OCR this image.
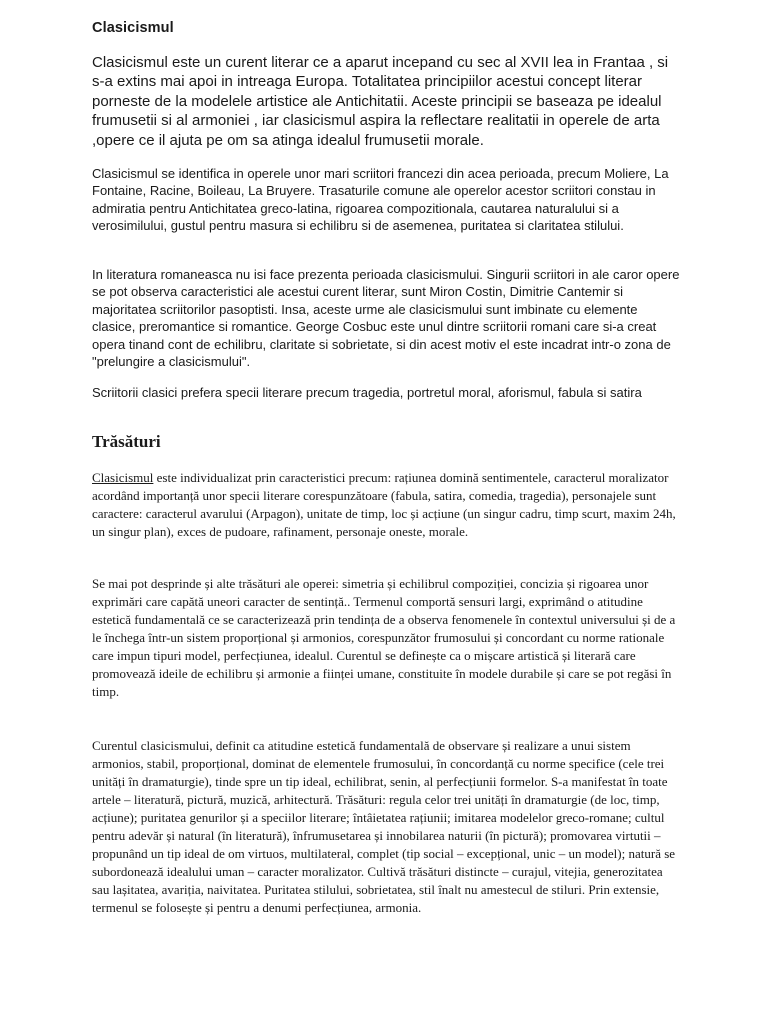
Clasicismul

Clasicismul este un curent literar ce a aparut incepand cu sec al XVII lea in Frantaa , si s-a extins mai apoi in intreaga Europa. Totalitatea principiilor acestui concept literar porneste de la modelele artistice ale Antichitatii. Aceste principii se baseaza pe idealul frumusetii si al armoniei , iar clasicismul aspira la reflectare realitatii in operele de arta ,opere ce il ajuta pe om sa atinga idealul frumusetii morale.

Clasicismul se identifica in operele unor mari scriitori francezi din acea perioada, precum Moliere, La Fontaine, Racine, Boileau, La Bruyere. Trasaturile comune ale operelor acestor scriitori constau in admiratia pentru Antichitatea greco-latina, rigoarea compozitionala, cautarea naturalului si a verosimilului, gustul pentru masura si echilibru si de asemenea, puritatea si claritatea stilului.

In literatura romaneasca nu isi face prezenta perioada clasicismului. Singurii scriitori in ale caror opere se pot observa caracteristici ale acestui curent literar, sunt Miron Costin, Dimitrie Cantemir si majoritatea scriitorilor pasoptisti. Insa, aceste urme ale clasicismului sunt imbinate cu elemente clasice, preromantice si romantice. George Cosbuc este unul dintre scriitorii romani care si-a creat opera tinand cont de echilibru, claritate si sobrietate, si din acest motiv el este incadrat intr-o zona de "prelungire a clasicismului".

Scriitorii clasici prefera specii literare precum tragedia, portretul moral, aforismul, fabula si satira

Trăsături

Clasicismul este individualizat prin caracteristici precum: rațiunea domină sentimentele, caracterul moralizator acordând importanță unor specii literare corespunzătoare (fabula, satira, comedia, tragedia), personajele sunt caractere: caracterul avarului (Arpagon), unitate de timp, loc și acțiune (un singur cadru, timp scurt, maxim 24h, un singur plan), exces de pudoare, rafinament, personaje oneste, morale.

Se mai pot desprinde și alte trăsături ale operei: simetria și echilibrul compoziției, concizia și rigoarea unor exprimări care capătă uneori caracter de sentință.. Termenul comportă sensuri largi, exprimând o atitudine estetică fundamentală ce se caracterizează prin tendința de a observa fenomenele în contextul universului și de a le închega într-un sistem proporțional și armonios, corespunzător frumosului și concordant cu norme rationale care impun tipuri model, perfecțiunea, idealul. Curentul se definește ca o mișcare artistică și literară care promovează ideile de echilibru și armonie a ființei umane, constituite în modele durabile și care se pot regăsi în timp.

Curentul clasicismului, definit ca atitudine estetică fundamentală de observare și realizare a unui sistem armonios, stabil, proporțional, dominat de elementele frumosului, în concordanță cu norme specifice (cele trei unități în dramaturgie), tinde spre un tip ideal, echilibrat, senin, al perfecțiunii formelor. S-a manifestat în toate artele – literatură, pictură, muzică, arhitectură. Trăsături: regula celor trei unități în dramaturgie (de loc, timp, acțiune); puritatea genurilor și a speciilor literare; întâietatea rațiunii; imitarea modelelor greco-romane; cultul pentru adevăr și natural (în literatură), înfrumusetarea și innobilarea naturii (în pictură); promovarea virtutii – propunând un tip ideal de om virtuos, multilateral, complet (tip social – excepțional, unic – un model); natură se subordonează idealului uman – caracter moralizator. Cultivă trăsături distincte – curajul, vitejia, generozitatea sau lașitatea, avariția, naivitatea. Puritatea stilului, sobrietatea, stil înalt nu amestecul de stiluri. Prin extensie, termenul se folosește și pentru a denumi perfecțiunea, armonia.
